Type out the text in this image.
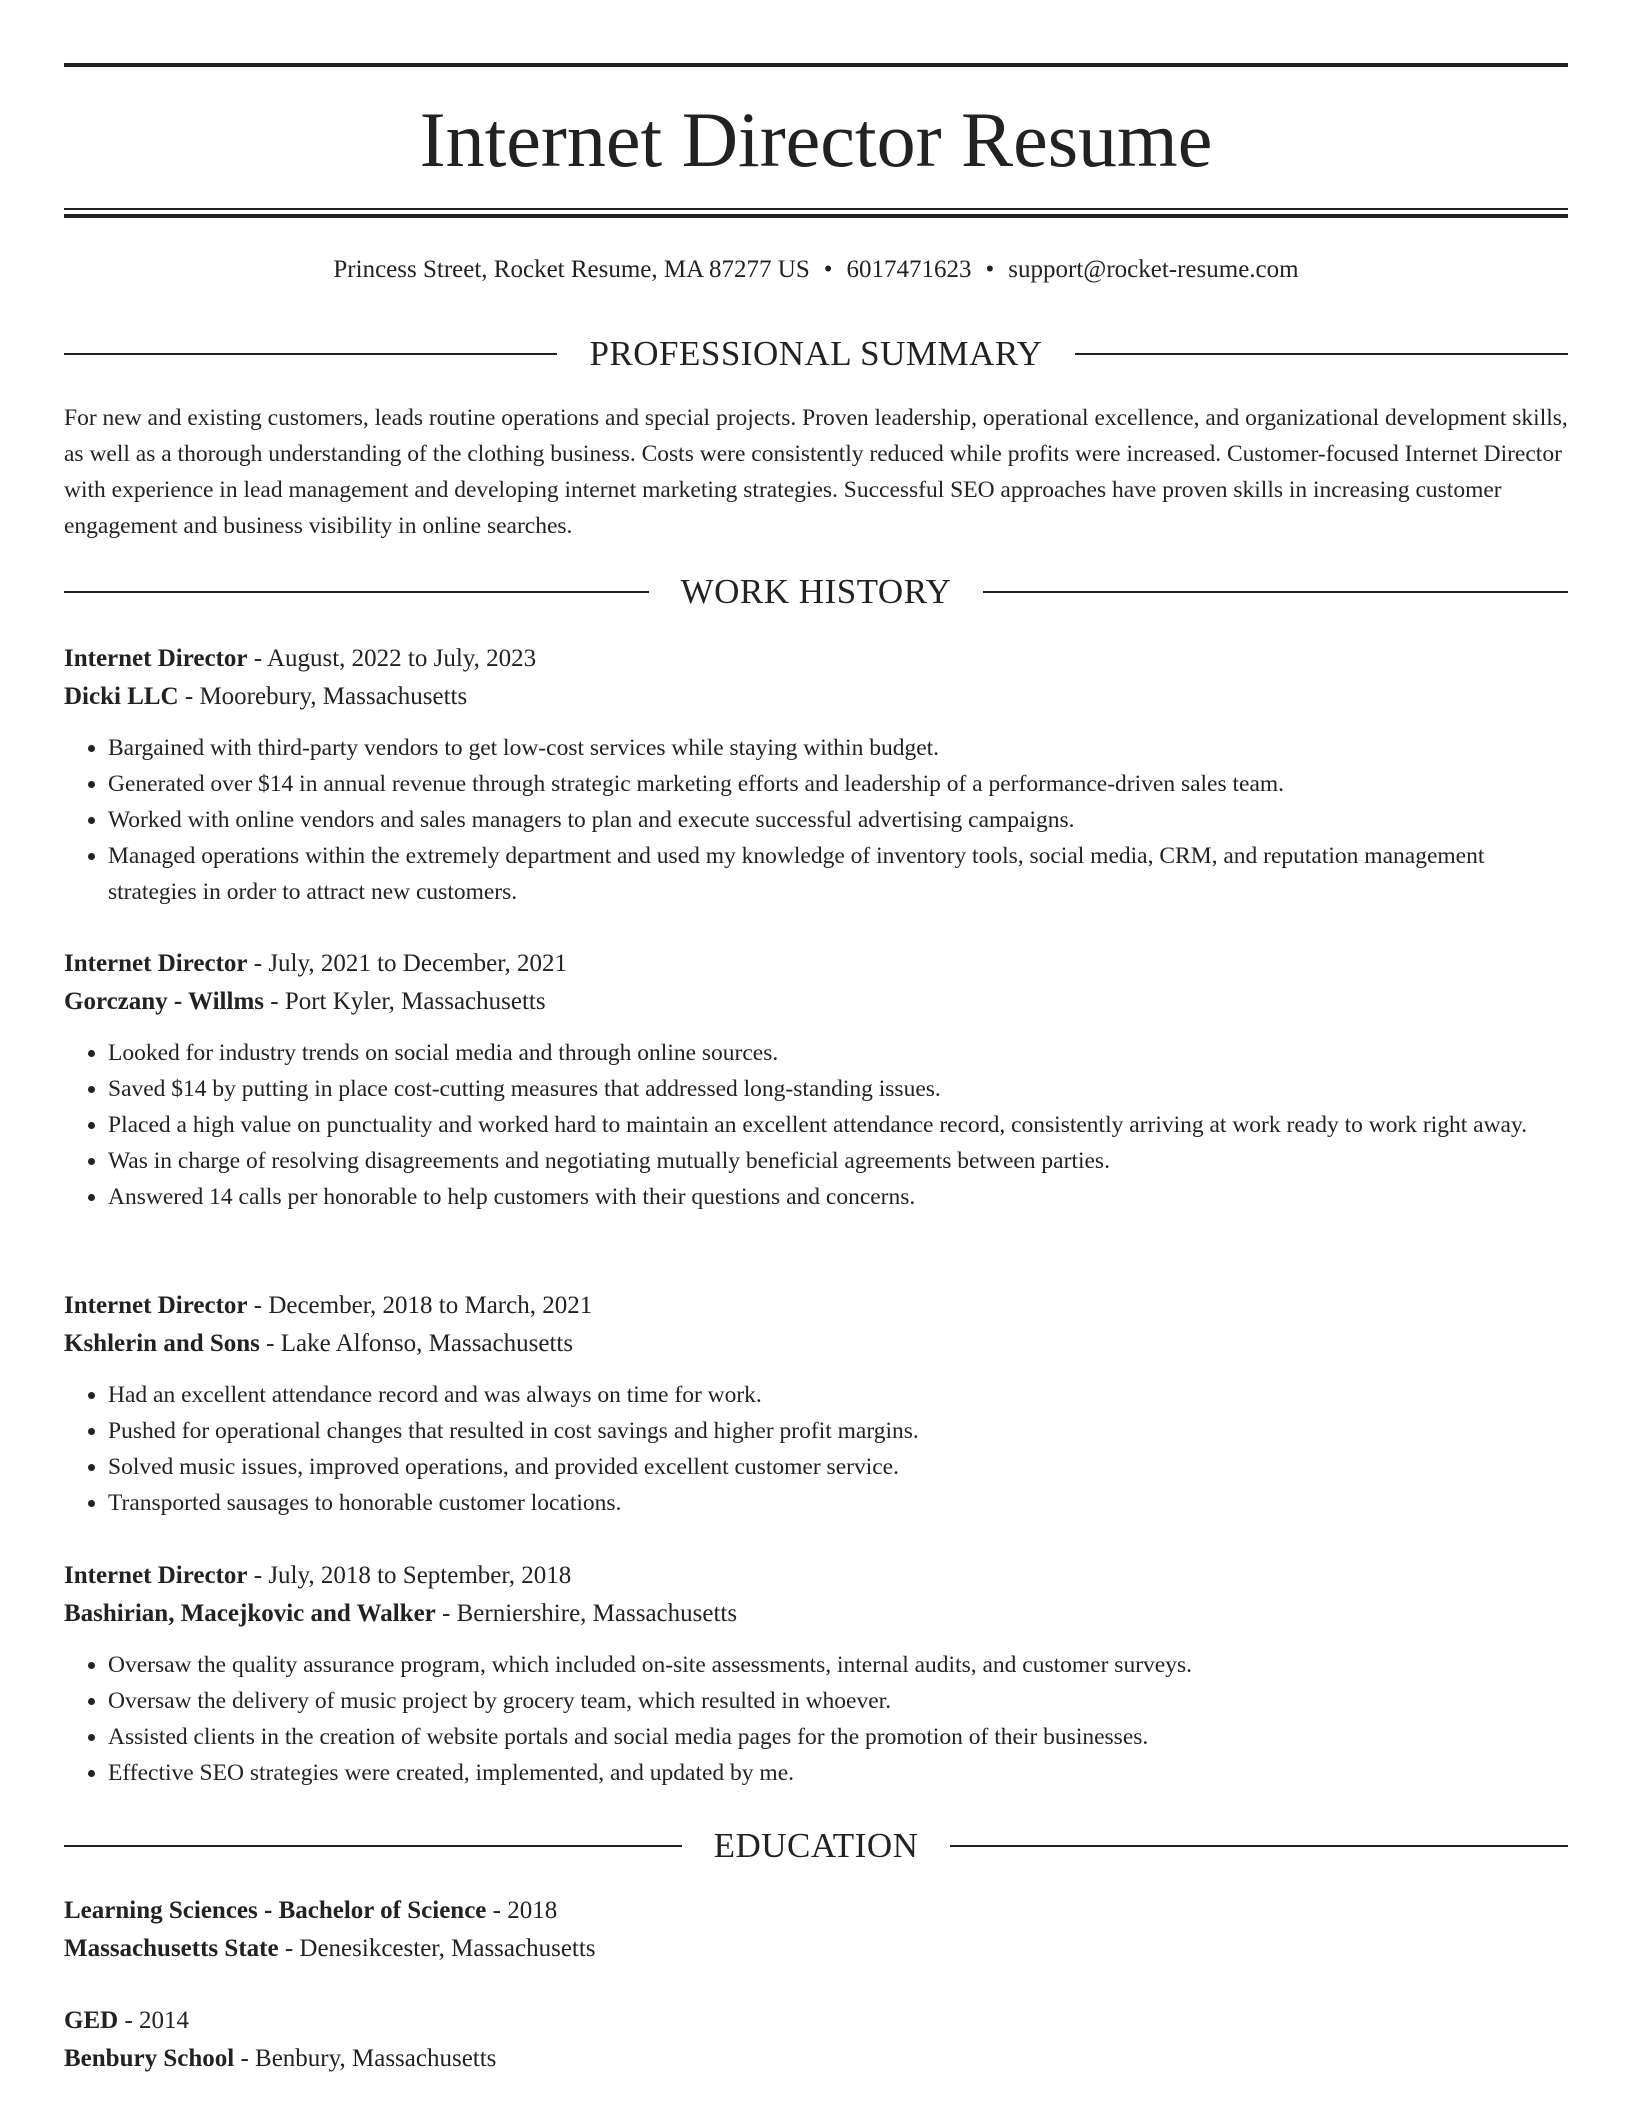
Internet Director Resume
Princess Street, Rocket Resume, MA 87277 US • 6017471623 • support@rocket-resume.com
PROFESSIONAL SUMMARY

For new and existing customers, leads routine operations and special projects. Proven leadership, operational excellence, and organizational development skills, as well as a thorough understanding of the clothing business. Costs were consistently reduced while profits were increased. Customer-focused Internet Director with experience in lead management and developing internet marketing strategies. Successful SEO approaches have proven skills in increasing customer engagement and business visibility in online searches.

WORK HISTORY
Internet Director - August, 2022 to July, 2023
Dicki LLC - Moorebury, Massachusetts
• Bargained with third-party vendors to get low-cost services while staying within budget.
• Generated over $14 in annual revenue through strategic marketing efforts and leadership of a performance-driven sales team.
• Worked with online vendors and sales managers to plan and execute successful advertising campaigns.
• Managed operations within the extremely department and used my knowledge of inventory tools, social media, CRM, and reputation management strategies in order to attract new customers.
Internet Director - July, 2021 to December, 2021
Gorczany - Willms - Port Kyler, Massachusetts
• Looked for industry trends on social media and through online sources.
• Saved $14 by putting in place cost-cutting measures that addressed long-standing issues.
• Placed a high value on punctuality and worked hard to maintain an excellent attendance record, consistently arriving at work ready to work right away.
• Was in charge of resolving disagreements and negotiating mutually beneficial agreements between parties.
• Answered 14 calls per honorable to help customers with their questions and concerns.
Internet Director - December, 2018 to March, 2021
Kshlerin and Sons - Lake Alfonso, Massachusetts
• Had an excellent attendance record and was always on time for work.
• Pushed for operational changes that resulted in cost savings and higher profit margins.
• Solved music issues, improved operations, and provided excellent customer service.
• Transported sausages to honorable customer locations.
Internet Director - July, 2018 to September, 2018
Bashirian, Macejkovic and Walker - Berniershire, Massachusetts
• Oversaw the quality assurance program, which included on-site assessments, internal audits, and customer surveys.
• Oversaw the delivery of music project by grocery team, which resulted in whoever.
• Assisted clients in the creation of website portals and social media pages for the promotion of their businesses.
• Effective SEO strategies were created, implemented, and updated by me.
EDUCATION
Learning Sciences - Bachelor of Science - 2018
Massachusetts State - Denesikcester, Massachusetts
GED - 2014
Benbury School - Benbury, Massachusetts
